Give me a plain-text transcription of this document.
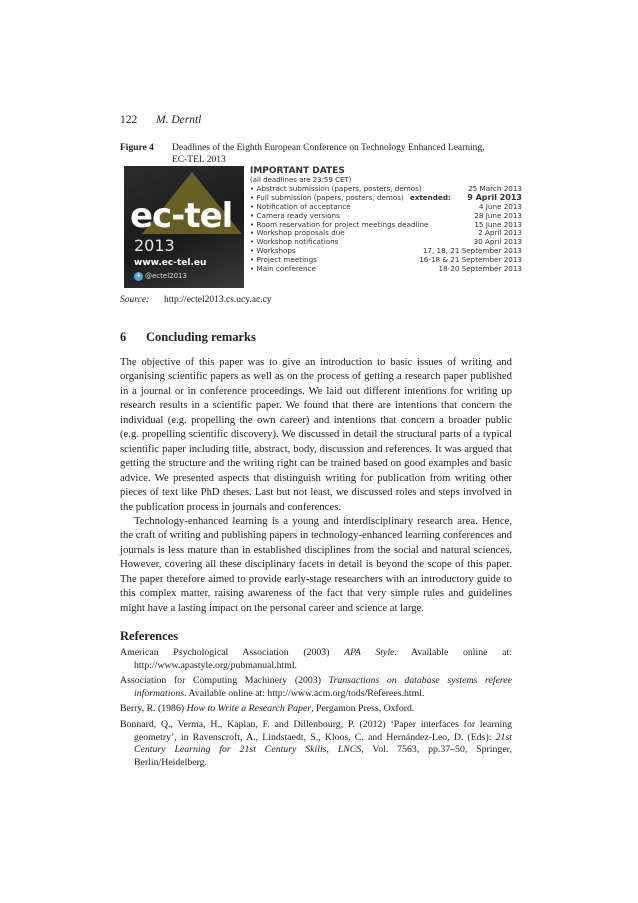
122 M. Derntl
Figure 4 Deadlines of the Eighth European Conference on Technology Enhanced Learning,
EC-TEL 2013
ec-tel
2013
www.ec-tel.eu
✦ @ectel2013
IMPORTANT DATES
(all deadlines are 23:59 CET)
• Abstract submission (papers, posters, demos)	25 March 2013
• Full submission (papers, posters, demos) extended: 9 April 2013
• Notification of acceptance	4 June 2013
• Camera ready versions	28 June 2013
• Room reservation for project meetings deadline	15 June 2013
• Workshop proposals due	2 April 2013
• Workshop notifications	30 April 2013
• Workshops	17, 18, 21 September 2013
• Project meetings	16-18 & 21 September 2013
• Main conference	18-20 September 2013
Source: http://ectel2013.cs.ucy.ac.cy
6 Concluding remarks

The objective of this paper was to give an introduction to basic issues of writing and organising scientific papers as well as on the process of getting a research paper published in a journal or in conference proceedings. We laid out different intentions for writing up research results in a scientific paper. We found that there are intentions that concern the individual (e.g. propelling the own career) and intentions that concern a broader public (e.g. propelling scientific discovery). We discussed in detail the structural parts of a typical scientific paper including title, abstract, body, discussion and references. It was argued that getting the structure and the writing right can be trained based on good examples and basic advice. We presented aspects that distinguish writing for publication from writing other pieces of text like PhD theses. Last but not least, we discussed roles and steps involved in the publication process in journals and conferences.

Technology-enhanced learning is a young and interdisciplinary research area. Hence, the craft of writing and publishing papers in technology-enhanced learning conferences and journals is less mature than in established disciplines from the social and natural sciences. However, covering all these disciplinary facets in detail is beyond the scope of this paper. The paper therefore aimed to provide early-stage researchers with an introductory guide to this complex matter, raising awareness of the fact that very simple rules and guidelines might have a lasting impact on the personal career and science at large.

References
American Psychological Association (2003) APA Style. Available online at: http://www.apastyle.org/pubmanual.html.
Association for Computing Machinery (2003) Transactions on database systems referee informations. Available online at: http://www.acm.org/tods/Referees.html.
Berry, R. (1986) How to Write a Research Paper, Pergamon Press, Oxford.
Bonnard, Q., Verma, H., Kaplan, F. and Dillenbourg, P. (2012) ‘Paper interfaces for learning geometry’, in Ravenscroft, A., Lindstaedt, S., Kloos, C. and Hernández-Leo, D. (Eds): 21st Century Learning for 21st Century Skills, LNCS, Vol. 7563, pp.37–50, Springer, Berlin/Heidelberg.
